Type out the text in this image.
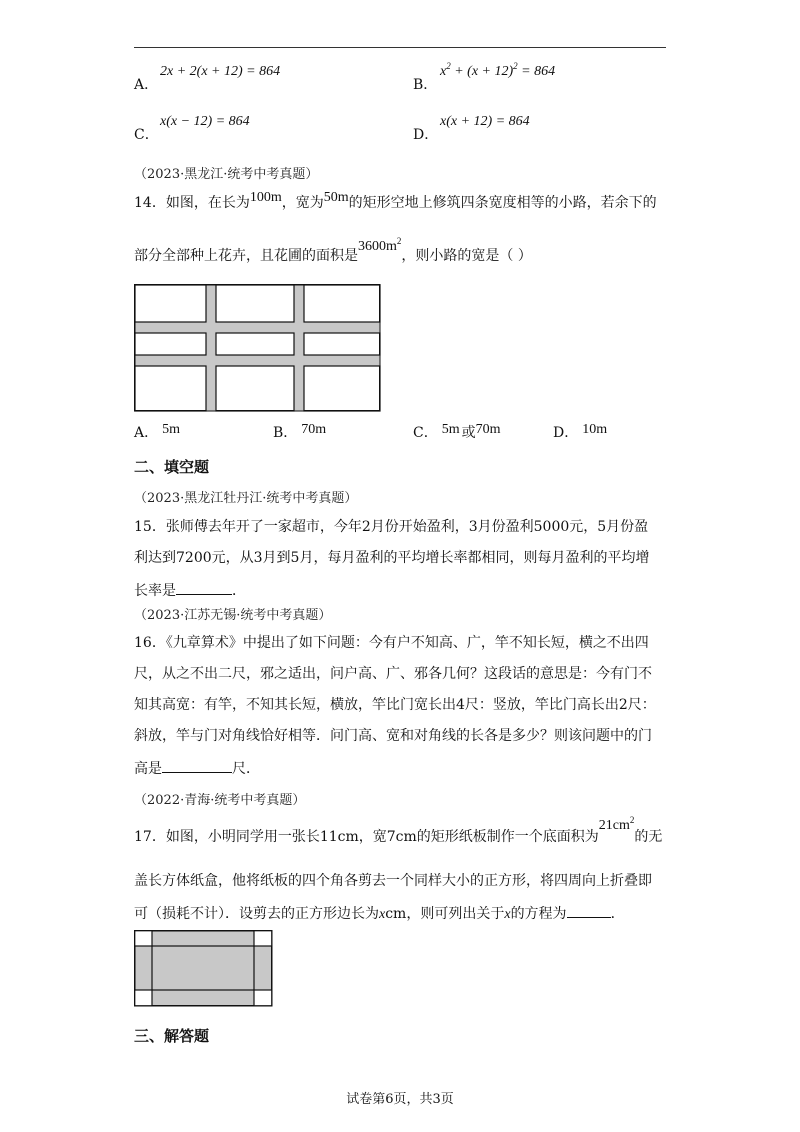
A．
2x + 2(x + 12) = 864
B．
$x^2 + (x + 12)^2 = 864$
C．
x(x − 12) = 864
D．
x(x + 12) = 864
（2023·黑龙江·统考中考真题）
14．如图，在长为100m，宽为50m的矩形空地上修筑四条宽度相等的小路，若余下的
部分全部种上花卉，且花圃的面积是$3600m^2$，则小路的宽是（ ）
A． 5m	B． 70m	C． 5m 或70m	D． 10m
二、填空题
（2023·黑龙江牡丹江·统考中考真题）
15．张师傅去年开了一家超市，今年2月份开始盈利，3月份盈利5000元，5月份盈
利达到7200元，从3月到5月，每月盈利的平均增长率都相同，则每月盈利的平均增
长率是	．
（2023·江苏无锡·统考中考真题）
16．《九章算术》中提出了如下问题：今有户不知高、广，竿不知长短，横之不出四
尺，从之不出二尺，邪之适出，问户高、广、邪各几何？这段话的意思是：今有门不
知其高宽：有竿，不知其长短，横放，竿比门宽长出4尺：竖放，竿比门高长出2尺：
斜放，竿与门对角线恰好相等．问门高、宽和对角线的长各是多少？则该问题中的门
高是	尺．
（2022·青海·统考中考真题）
17．如图，小明同学用一张长11cm，宽7cm的矩形纸板制作一个底面积为$21cm^2$的无
盖长方体纸盒，他将纸板的四个角各剪去一个同样大小的正方形，将四周向上折叠即
可（损耗不计）．设剪去的正方形边长为xcm，则可列出关于x的方程为	．
三、解答题
试卷第6页，共3页
